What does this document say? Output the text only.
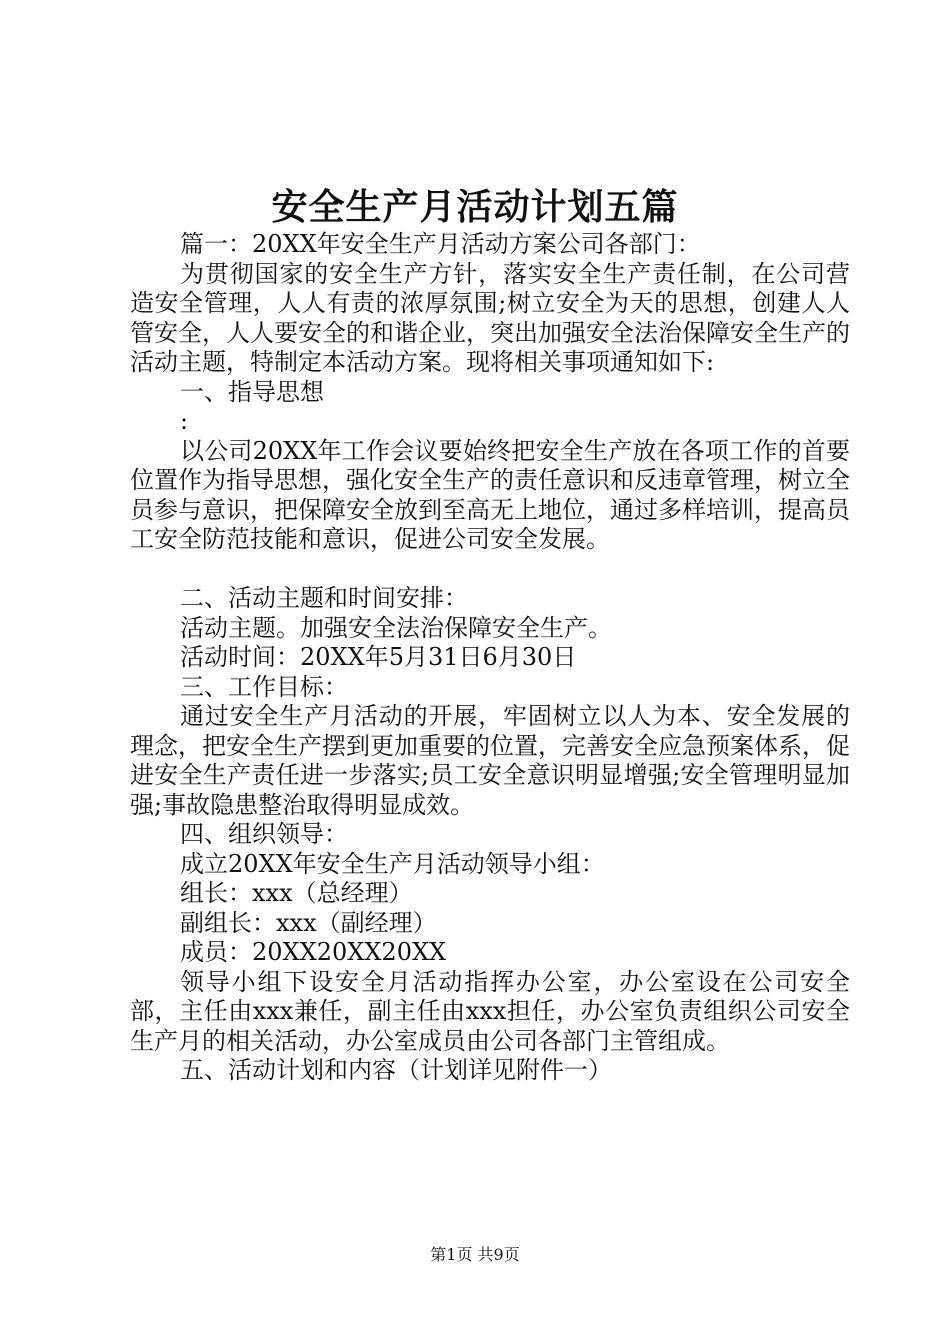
安全生产月活动计划五篇

篇一：20XX年安全生产月活动方案公司各部门：

为贯彻国家的安全生产方针，落实安全生产责任制，在公司营造安全管理，人人有责的浓厚氛围;树立安全为天的思想，创建人人管安全，人人要安全的和谐企业，突出加强安全法治保障安全生产的活动主题，特制定本活动方案。现将相关事项通知如下:

一、指导思想

:

以公司20XX年工作会议要始终把安全生产放在各项工作的首要位置作为指导思想，强化安全生产的责任意识和反违章管理，树立全员参与意识，把保障安全放到至高无上地位，通过多样培训，提高员工安全防范技能和意识，促进公司安全发展。

二、活动主题和时间安排：

活动主题。加强安全法治保障安全生产。

活动时间：20XX年5月31日6月30日

三、工作目标：

通过安全生产月活动的开展，牢固树立以人为本、安全发展的理念，把安全生产摆到更加重要的位置，完善安全应急预案体系，促进安全生产责任进一步落实;员工安全意识明显增强;安全管理明显加强;事故隐患整治取得明显成效。

四、组织领导：

成立20XX年安全生产月活动领导小组：

组长：xxx（总经理）

副组长：xxx（副经理）

成员：20XX20XX20XX

领导小组下设安全月活动指挥办公室，办公室设在公司安全部，主任由xxx兼任，副主任由xxx担任，办公室负责组织公司安全生产月的相关活动，办公室成员由公司各部门主管组成。

五、活动计划和内容（计划详见附件一）

第1页 共9页
